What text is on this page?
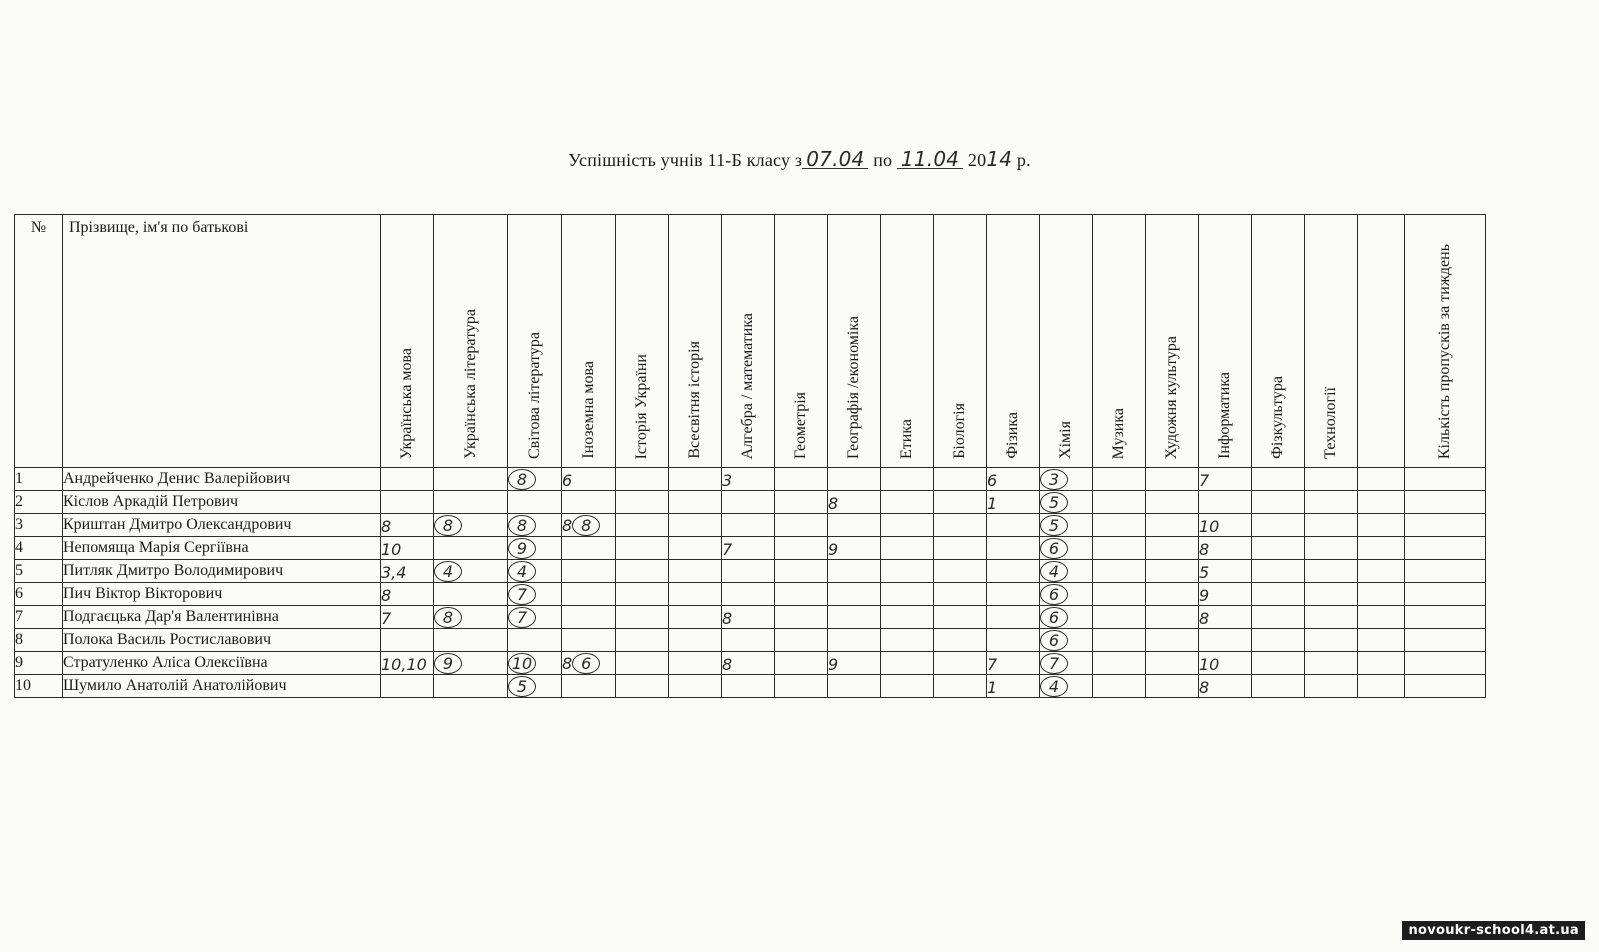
Успішність учнів 11-Б класу з 07.04 по 11.04 2014 р.
№	Прізвище, ім'я по батькові	Українська мова	Українська література	Світова література	Іноземна мова	Історія України	Всесвітня історія	Алгебра / математика	Геометрія	Географія /економіка	Етика	Біологія	Фізика	Хімія	Музика	Художня культура	Інформатика	Фізкультура	Технології		Кількість пропусків за тиждень

1	Андрейченко Денис Валерійович			8	6			3					6	3			7				
2	Кіслов Аркадій Петрович									8			1	5							
3	Криштан Дмитро Олександрович	8	8	8	8 8									5			10				
4	Непомяща Марія Сергіївна	10		9				7		9				6			8				
5	Питляк Дмитро Володимирович	3,4	4	4										4			5				
6	Пич Віктор Вікторович	8		7										6			9				
7	Подгаєцька Дар'я Валентинівна	7	8	7				8						6			8				
8	Полока Василь Ростиславович													6							
9	Стратуленко Аліса Олексіївна	10,10	9	10	8 6			8		9			7	7			10				
10	Шумило Анатолій Анатолійович			5									1	4			8				
novoukr-school4.at.ua
